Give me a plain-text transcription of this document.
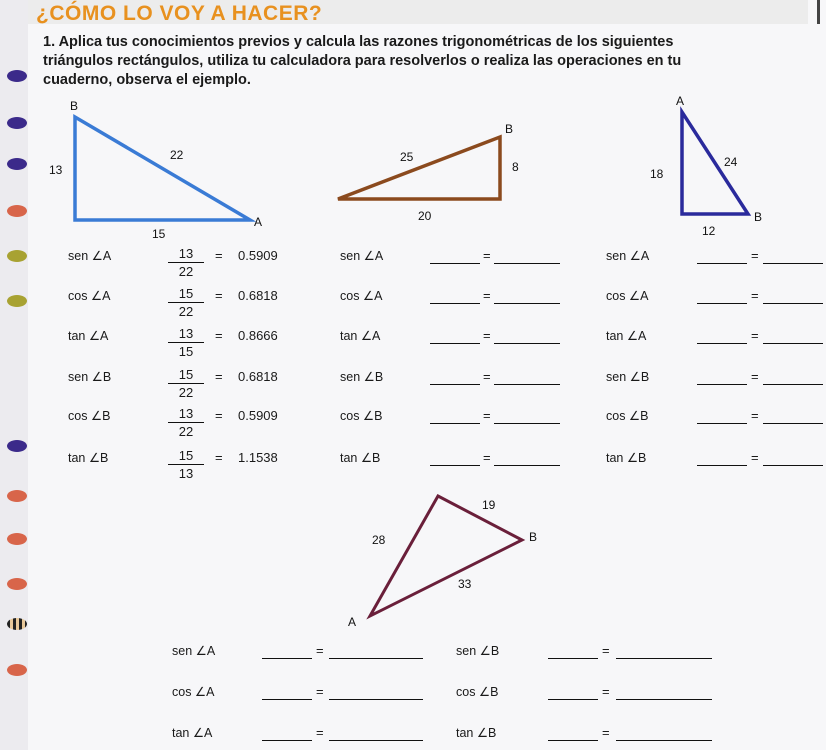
¿CÓMO LO VOY A HACER?
1. Aplica tus conocimientos previos y calcula las razones trigonométricas de los siguientes
triángulos rectángulos, utiliza tu calculadora para resolverlos o realiza las operaciones en tu
cuaderno, observa el ejemplo.
B
A
13
22
15
B
25
8
20
A
B
18
24
12
A
B
19
28
33
sen ∠A	$\frac{13}{22} = 0.5909$	sen ∠A	=	sen ∠A	=
cos ∠A	$\frac{15}{22} = 0.6818$	cos ∠A	=	cos ∠A	=
tan ∠A	$\frac{13}{15} = 0.8666$	tan ∠A	=	tan ∠A	=
sen ∠B	$\frac{15}{22} = 0.6818$	sen ∠B	=	sen ∠B	=
cos ∠B	$\frac{13}{22} = 0.5909$	cos ∠B	=	cos ∠B	=
tan ∠B	$\frac{15}{13} = 1.1538$	tan ∠B	=	tan ∠B	=
sen ∠A	=	sen ∠B	=
cos ∠A	=	cos ∠B	=
tan ∠A	=	tan ∠B	=
